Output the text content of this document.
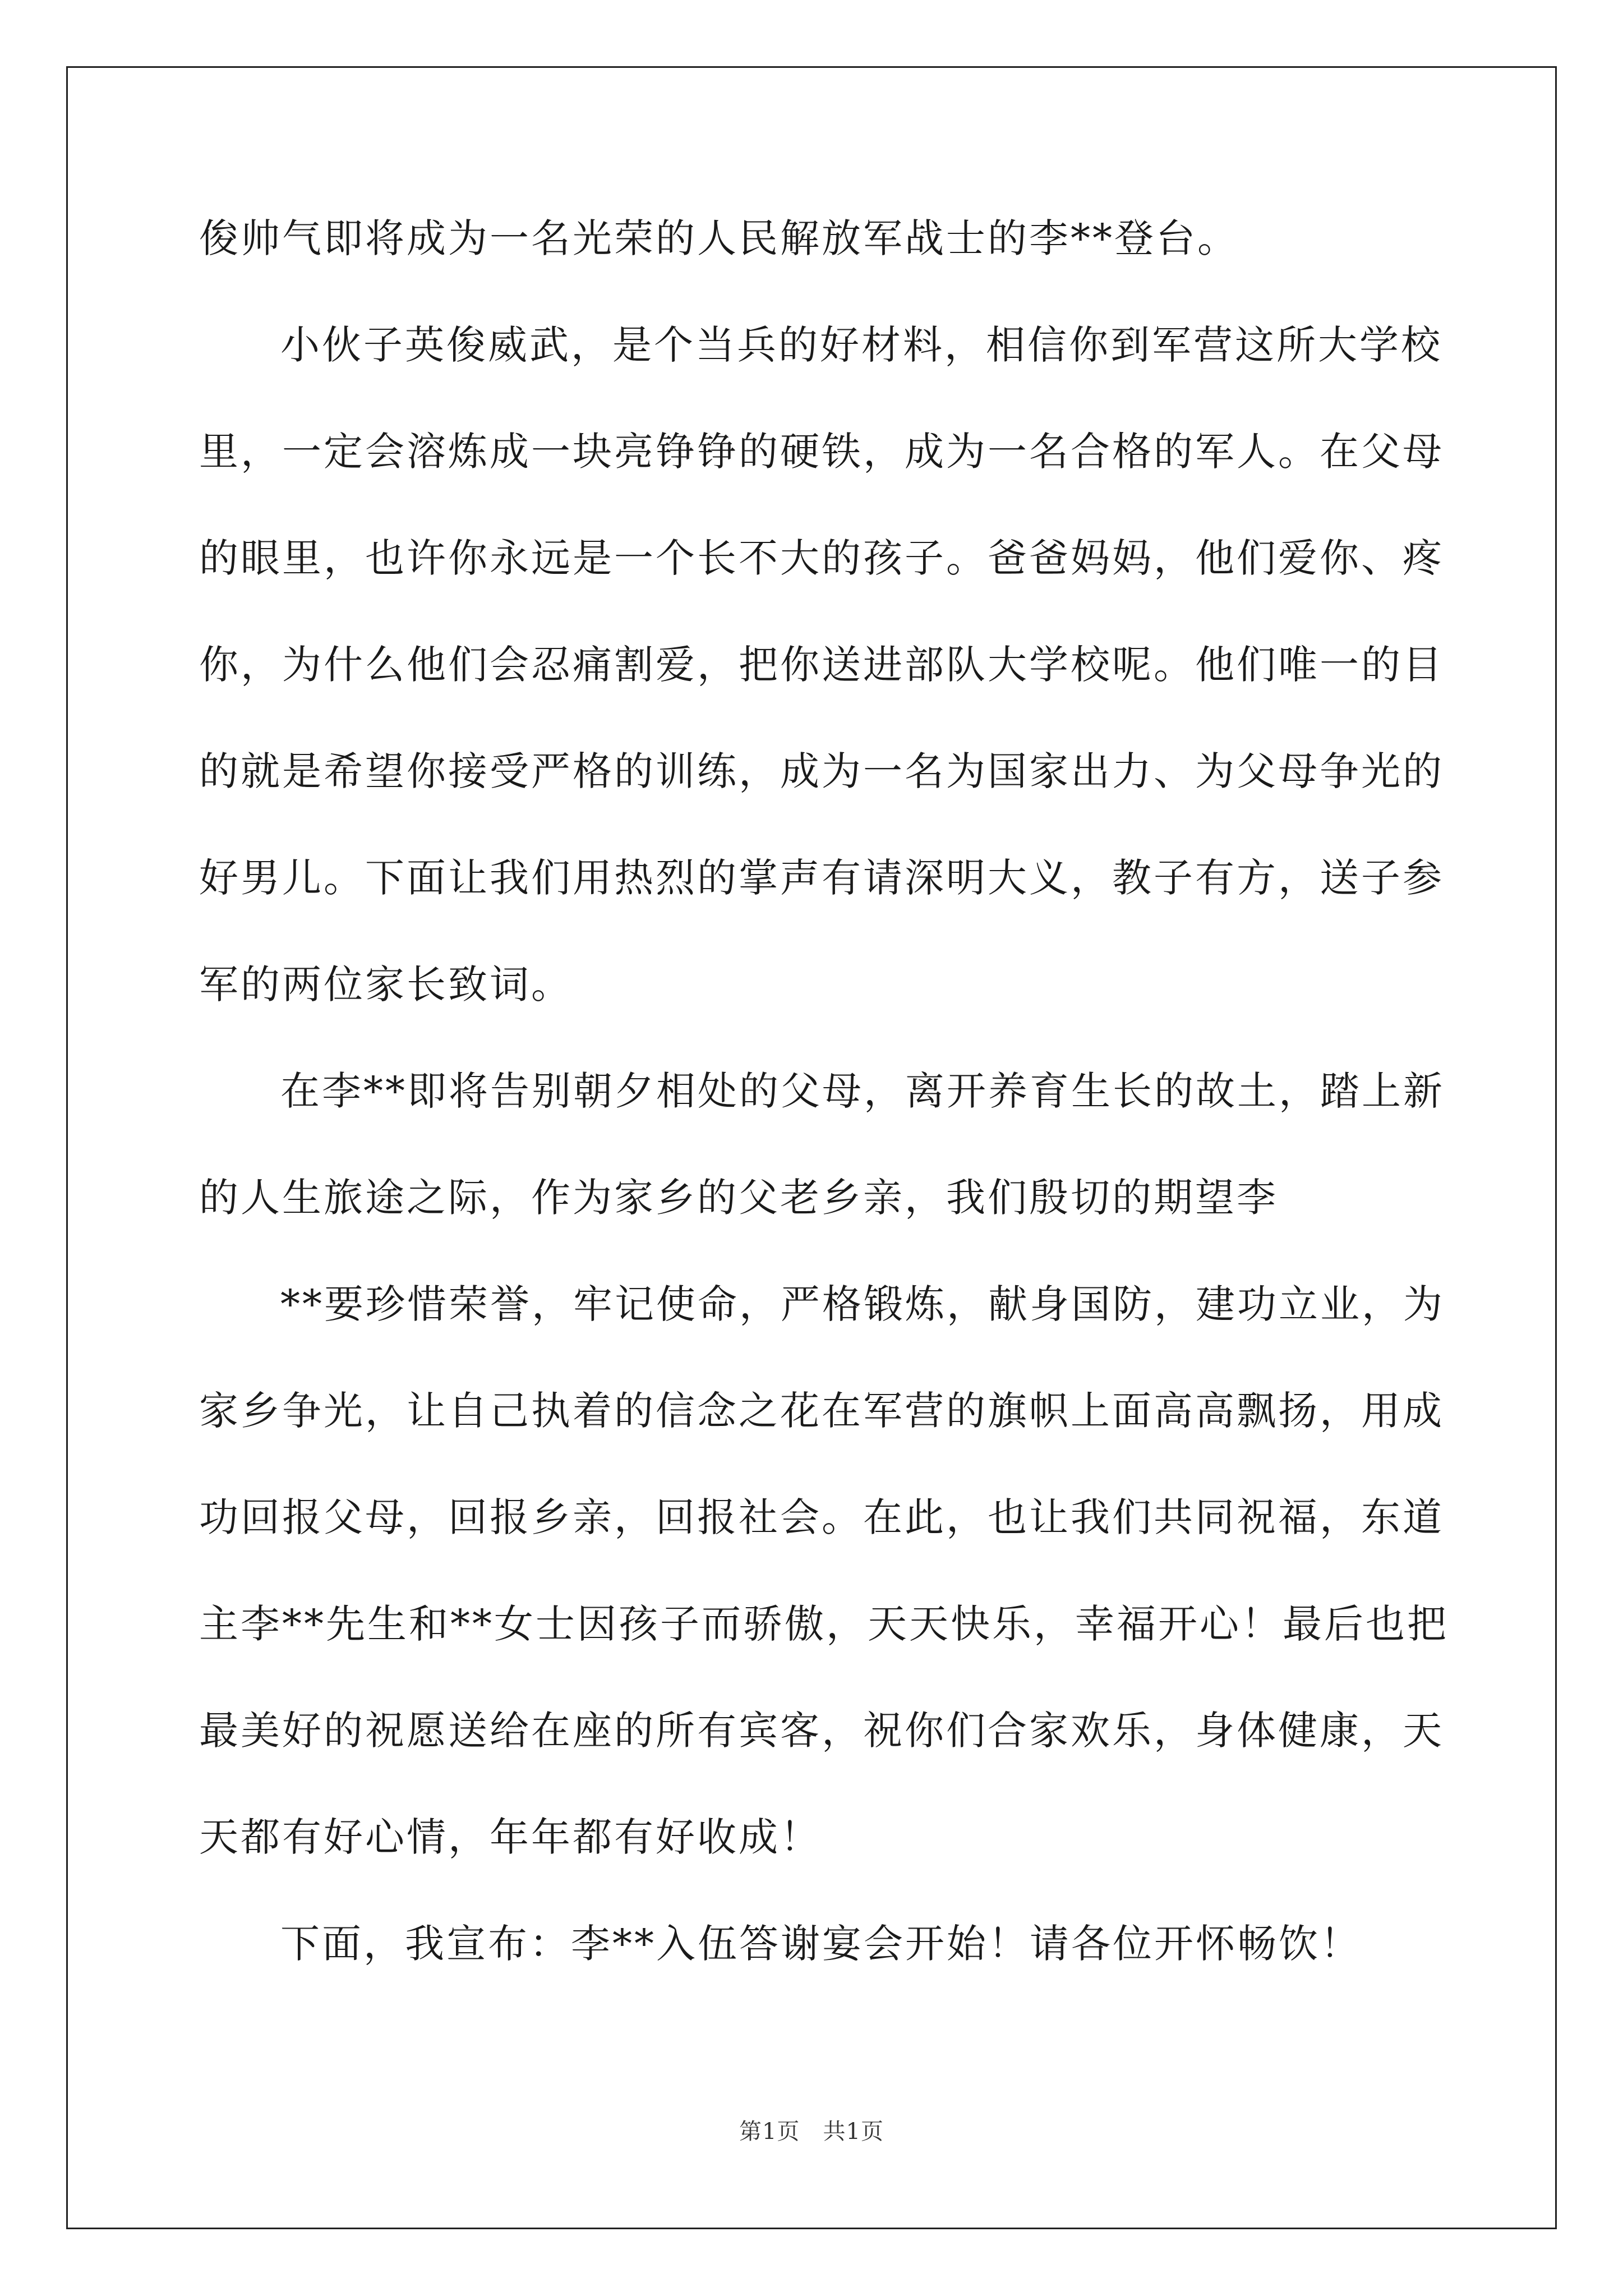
俊帅气即将成为一名光荣的人民解放军战士的李**登台。
小伙子英俊威武，是个当兵的好材料，相信你到军营这所大学校
里，一定会溶炼成一块亮铮铮的硬铁，成为一名合格的军人。在父母
的眼里，也许你永远是一个长不大的孩子。爸爸妈妈，他们爱你、疼
你，为什么他们会忍痛割爱，把你送进部队大学校呢。他们唯一的目
的就是希望你接受严格的训练，成为一名为国家出力、为父母争光的
好男儿。下面让我们用热烈的掌声有请深明大义，教子有方，送子参
军的两位家长致词。
在李**即将告别朝夕相处的父母，离开养育生长的故土，踏上新
的人生旅途之际，作为家乡的父老乡亲，我们殷切的期望李
**要珍惜荣誉，牢记使命，严格锻炼，献身国防，建功立业，为
家乡争光，让自己执着的信念之花在军营的旗帜上面高高飘扬，用成
功回报父母，回报乡亲，回报社会。在此，也让我们共同祝福，东道
主李**先生和**女士因孩子而骄傲，天天快乐，幸福开心！最后也把
最美好的祝愿送给在座的所有宾客，祝你们合家欢乐，身体健康，天
天都有好心情，年年都有好收成！
下面，我宣布：李**入伍答谢宴会开始！请各位开怀畅饮！
第1页   共1页
